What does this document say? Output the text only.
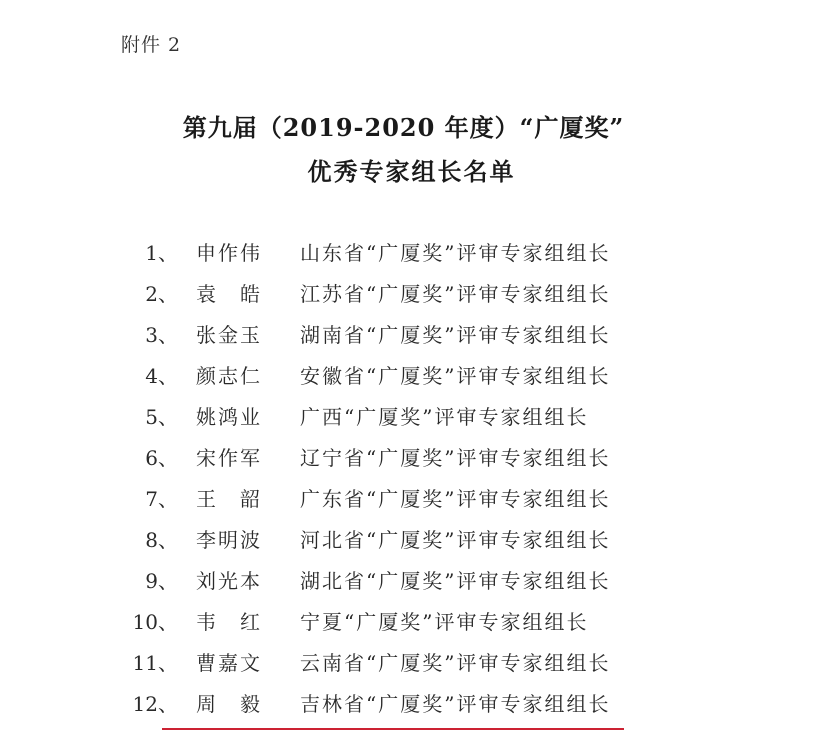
附件 2
第九届（2019-2020 年度）“广厦奖”
优秀专家组长名单
1、 申作伟 山东省“广厦奖”评审专家组组长
2、 袁　皓 江苏省“广厦奖”评审专家组组长
3、 张金玉 湖南省“广厦奖”评审专家组组长
4、 颜志仁 安徽省“广厦奖”评审专家组组长
5、 姚鸿业 广西“广厦奖”评审专家组组长
6、 宋作军 辽宁省“广厦奖”评审专家组组长
7、 王　韶 广东省“广厦奖”评审专家组组长
8、 李明波 河北省“广厦奖”评审专家组组长
9、 刘光本 湖北省“广厦奖”评审专家组组长
10、 韦　红 宁夏“广厦奖”评审专家组组长
11、 曹嘉文 云南省“广厦奖”评审专家组组长
12、 周　毅 吉林省“广厦奖”评审专家组组长
